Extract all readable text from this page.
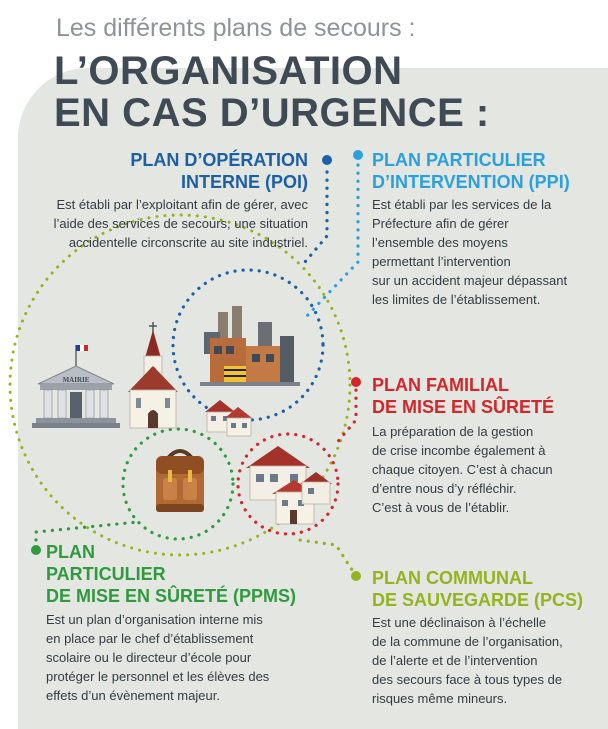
Les différents plans de secours :
L’ORGANISATION
EN CAS D’URGENCE :
MAIRIE
PLAN D’OPÉRATION
INTERNE (POI)
Est établi par l’exploitant afin de gérer, avec
l’aide des services de secours, une situation
accidentelle circonscrite au site industriel.
PLAN PARTICULIER
D’INTERVENTION (PPI)
Est établi par les services de la
Préfecture afin de gérer
l’ensemble des moyens
permettant l’intervention
sur un accident majeur dépassant
les limites de l’établissement.
PLAN FAMILIAL
DE MISE EN SÛRETÉ
La préparation de la gestion
de crise incombe également à
chaque citoyen. C’est à chacun
d’entre nous d’y réfléchir.
C’est à vous de l’établir.
PLAN
PARTICULIER
DE MISE EN SÛRETÉ (PPMS)
Est un plan d’organisation interne mis
en place par le chef d’établissement
scolaire ou le directeur d’école pour
protéger le personnel et les élèves des
effets d’un évènement majeur.
PLAN COMMUNAL
DE SAUVEGARDE (PCS)
Est une déclinaison à l’échelle
de la commune de l’organisation,
de l’alerte et de l’intervention
des secours face à tous types de
risques même mineurs.
